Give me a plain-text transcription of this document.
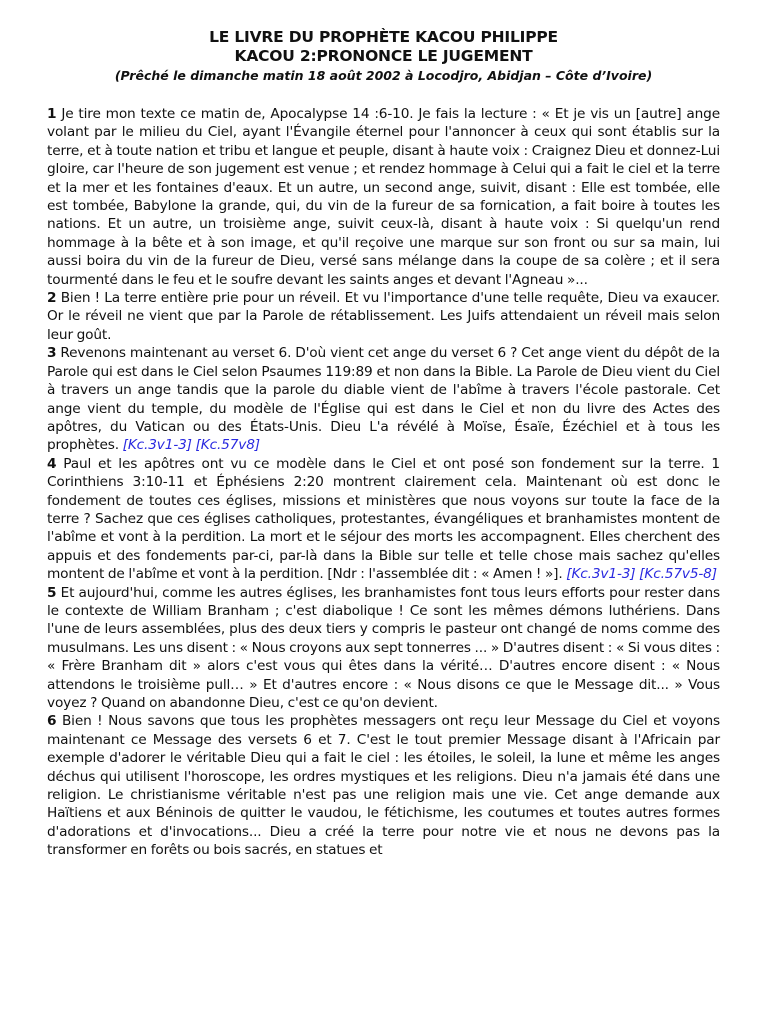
LE LIVRE DU PROPHÈTE KACOU PHILIPPE

KACOU 2:PRONONCE LE JUGEMENT

(Prêché le dimanche matin 18 août 2002 à Locodjro, Abidjan – Côte d’Ivoire)

1 Je tire mon texte ce matin de, Apocalypse 14 :6-10. Je fais la lecture : « Et je vis un [autre] ange volant par le milieu du Ciel, ayant l'Évangile éternel pour l'annoncer à ceux qui sont établis sur la terre, et à toute nation et tribu et langue et peuple, disant à haute voix : Craignez Dieu et donnez-Lui gloire, car l'heure de son jugement est venue ; et rendez hommage à Celui qui a fait le ciel et la terre et la mer et les fontaines d'eaux. Et un autre, un second ange, suivit, disant : Elle est tombée, elle est tombée, Babylone la grande, qui, du vin de la fureur de sa fornication, a fait boire à toutes les nations. Et un autre, un troisième ange, suivit ceux-là, disant à haute voix : Si quelqu'un rend hommage à la bête et à son image, et qu'il reçoive une marque sur son front ou sur sa main, lui aussi boira du vin de la fureur de Dieu, versé sans mélange dans la coupe de sa colère ; et il sera tourmenté dans le feu et le soufre devant les saints anges et devant l'Agneau »...

2 Bien ! La terre entière prie pour un réveil. Et vu l'importance d'une telle requête, Dieu va exaucer. Or le réveil ne vient que par la Parole de rétablissement. Les Juifs attendaient un réveil mais selon leur goût.

3 Revenons maintenant au verset 6. D'où vient cet ange du verset 6 ? Cet ange vient du dépôt de la Parole qui est dans le Ciel selon Psaumes 119:89 et non dans la Bible. La Parole de Dieu vient du Ciel à travers un ange tandis que la parole du diable vient de l'abîme à travers l'école pastorale. Cet ange vient du temple, du modèle de l'Église qui est dans le Ciel et non du livre des Actes des apôtres, du Vatican ou des États-Unis. Dieu L'a révélé à Moïse, Ésaïe, Ézéchiel et à tous les prophètes. [Kc.3v1-3] [Kc.57v8]

4 Paul et les apôtres ont vu ce modèle dans le Ciel et ont posé son fondement sur la terre. 1 Corinthiens 3:10-11 et Éphésiens 2:20 montrent clairement cela. Maintenant où est donc le fondement de toutes ces églises, missions et ministères que nous voyons sur toute la face de la terre ? Sachez que ces églises catholiques, protestantes, évangéliques et branhamistes montent de l'abîme et vont à la perdition. La mort et le séjour des morts les accompagnent. Elles cherchent des appuis et des fondements par-ci, par-là dans la Bible sur telle et telle chose mais sachez qu'elles montent de l'abîme et vont à la perdition. [Ndr : l'assemblée dit : « Amen ! »]. [Kc.3v1-3] [Kc.57v5-8]

5 Et aujourd'hui, comme les autres églises, les branhamistes font tous leurs efforts pour rester dans le contexte de William Branham ; c'est diabolique ! Ce sont les mêmes démons luthériens. Dans l'une de leurs assemblées, plus des deux tiers y compris le pasteur ont changé de noms comme des musulmans. Les uns disent : « Nous croyons aux sept tonnerres ... » D'autres disent : « Si vous dites : « Frère Branham dit » alors c'est vous qui êtes dans la vérité… D'autres encore disent : « Nous attendons le troisième pull… » Et d'autres encore : « Nous disons ce que le Message dit... » Vous voyez ? Quand on abandonne Dieu, c'est ce qu'on devient.

6 Bien ! Nous savons que tous les prophètes messagers ont reçu leur Message du Ciel et voyons maintenant ce Message des versets 6 et 7. C'est le tout premier Message disant à l'Africain par exemple d'adorer le véritable Dieu qui a fait le ciel : les étoiles, le soleil, la lune et même les anges déchus qui utilisent l'horoscope, les ordres mystiques et les religions. Dieu n'a jamais été dans une religion. Le christianisme véritable n'est pas une religion mais une vie. Cet ange demande aux Haïtiens et aux Béninois de quitter le vaudou, le fétichisme, les coutumes et toutes autres formes d'adorations et d'invocations... Dieu a créé la terre pour notre vie et nous ne devons pas la transformer en forêts ou bois sacrés, en statues et
